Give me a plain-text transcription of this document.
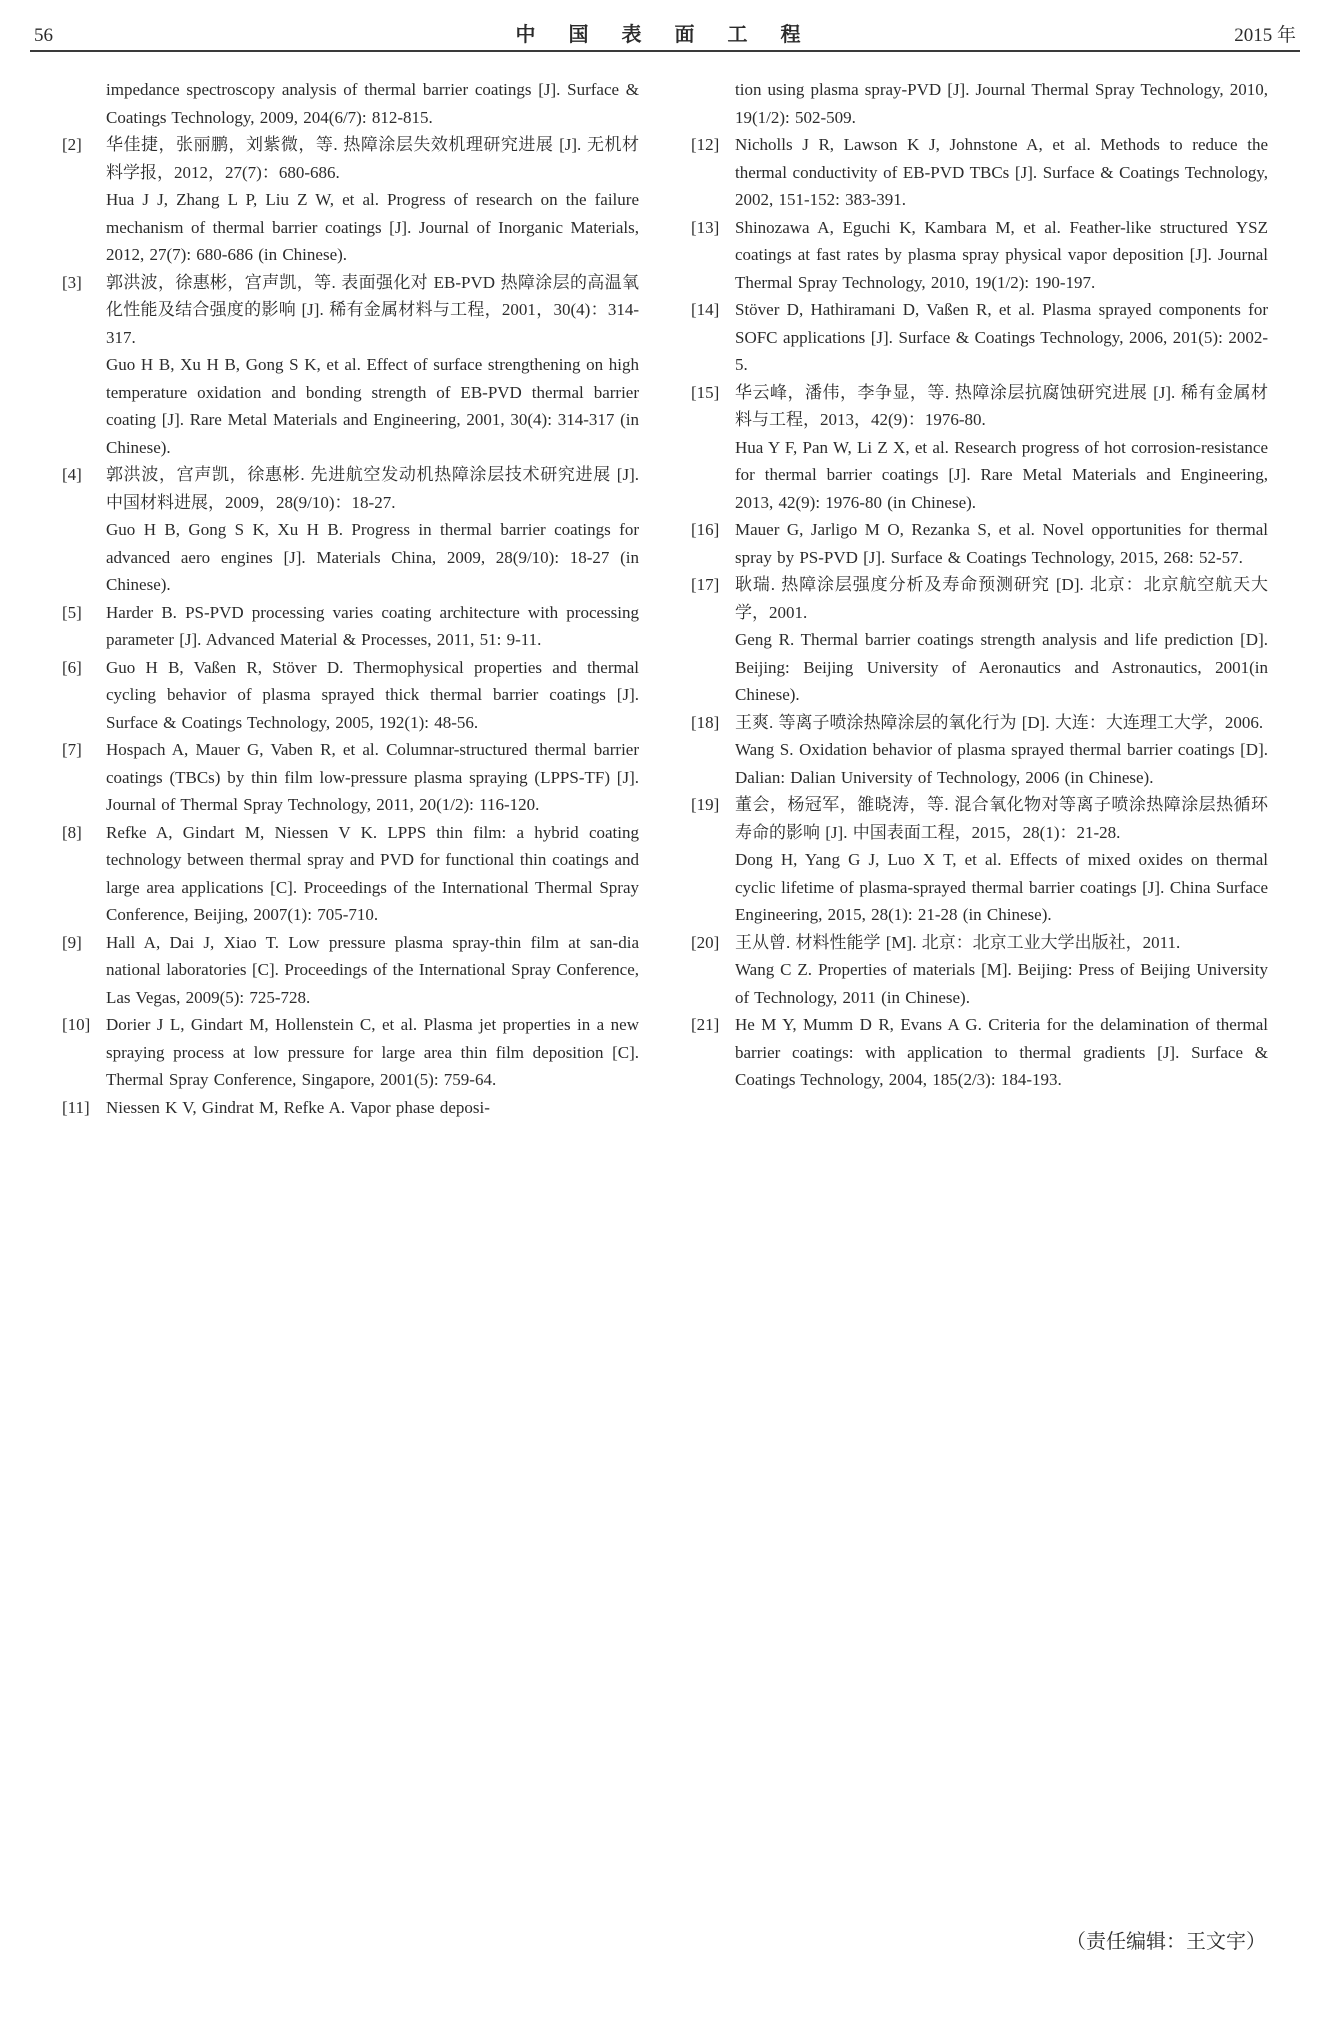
56	中 国 表 面 工 程	2015 年

impedance spectroscopy analysis of thermal barrier coatings [J]. Surface & Coatings Technology, 2009, 204(6/7): 812-815.

[2]	华佳捷，张丽鹏，刘紫微，等. 热障涂层失效机理研究进展 [J]. 无机材料学报，2012，27(7)：680-686.

Hua J J, Zhang L P, Liu Z W, et al. Progress of research on the failure mechanism of thermal barrier coatings [J]. Journal of Inorganic Materials, 2012, 27(7): 680-686 (in Chinese).

[3]	郭洪波，徐惠彬，宫声凯，等. 表面强化对 EB-PVD 热障涂层的高温氧化性能及结合强度的影响 [J]. 稀有金属材料与工程，2001，30(4)：314-317.

Guo H B, Xu H B, Gong S K, et al. Effect of surface strengthening on high temperature oxidation and bonding strength of EB-PVD thermal barrier coating [J]. Rare Metal Materials and Engineering, 2001, 30(4): 314-317 (in Chinese).

[4]	郭洪波，宫声凯，徐惠彬. 先进航空发动机热障涂层技术研究进展 [J]. 中国材料进展，2009，28(9/10)：18-27.

Guo H B, Gong S K, Xu H B. Progress in thermal barrier coatings for advanced aero engines [J]. Materials China, 2009, 28(9/10): 18-27 (in Chinese).

[5]	Harder B. PS-PVD processing varies coating architecture with processing parameter [J]. Advanced Material & Processes, 2011, 51: 9-11.

[6]	Guo H B, Vaßen R, Stöver D. Thermophysical properties and thermal cycling behavior of plasma sprayed thick thermal barrier coatings [J]. Surface & Coatings Technology, 2005, 192(1): 48-56.

[7]	Hospach A, Mauer G, Vaben R, et al. Columnar-structured thermal barrier coatings (TBCs) by thin film low-pressure plasma spraying (LPPS-TF) [J]. Journal of Thermal Spray Technology, 2011, 20(1/2): 116-120.

[8]	Refke A, Gindart M, Niessen V K. LPPS thin film: a hybrid coating technology between thermal spray and PVD for functional thin coatings and large area applications [C]. Proceedings of the International Thermal Spray Conference, Beijing, 2007(1): 705-710.

[9]	Hall A, Dai J, Xiao T. Low pressure plasma spray-thin film at san-dia national laboratories [C]. Proceedings of the International Spray Conference, Las Vegas, 2009(5): 725-728.

[10] Dorier J L, Gindart M, Hollenstein C, et al. Plasma jet properties in a new spraying process at low pressure for large area thin film deposition [C]. Thermal Spray Conference, Singapore, 2001(5): 759-64.

[11] Niessen K V, Gindrat M, Refke A. Vapor phase deposi-

tion using plasma spray-PVD [J]. Journal Thermal Spray Technology, 2010, 19(1/2): 502-509.

[12] Nicholls J R, Lawson K J, Johnstone A, et al. Methods to reduce the thermal conductivity of EB-PVD TBCs [J]. Surface & Coatings Technology, 2002, 151-152: 383-391.

[13] Shinozawa A, Eguchi K, Kambara M, et al. Feather-like structured YSZ coatings at fast rates by plasma spray physical vapor deposition [J]. Journal Thermal Spray Technology, 2010, 19(1/2): 190-197.

[14] Stöver D, Hathiramani D, Vaßen R, et al. Plasma sprayed components for SOFC applications [J]. Surface & Coatings Technology, 2006, 201(5): 2002-5.

[15] 华云峰，潘伟，李争显，等. 热障涂层抗腐蚀研究进展 [J]. 稀有金属材料与工程，2013，42(9)：1976-80.

Hua Y F, Pan W, Li Z X, et al. Research progress of hot corrosion-resistance for thermal barrier coatings [J]. Rare Metal Materials and Engineering, 2013, 42(9): 1976-80 (in Chinese).

[16] Mauer G, Jarligo M O, Rezanka S, et al. Novel opportunities for thermal spray by PS-PVD [J]. Surface & Coatings Technology, 2015, 268: 52-57.

[17] 耿瑞. 热障涂层强度分析及寿命预测研究 [D]. 北京：北京航空航天大学，2001.

Geng R. Thermal barrier coatings strength analysis and life prediction [D]. Beijing: Beijing University of Aeronautics and Astronautics, 2001(in Chinese).

[18] 王爽. 等离子喷涂热障涂层的氧化行为 [D]. 大连：大连理工大学，2006.

Wang S. Oxidation behavior of plasma sprayed thermal barrier coatings [D]. Dalian: Dalian University of Technology, 2006 (in Chinese).

[19] 董会，杨冠军，雒晓涛，等. 混合氧化物对等离子喷涂热障涂层热循环寿命的影响 [J]. 中国表面工程，2015，28(1)：21-28.

Dong H, Yang G J, Luo X T, et al. Effects of mixed oxides on thermal cyclic lifetime of plasma-sprayed thermal barrier coatings [J]. China Surface Engineering, 2015, 28(1): 21-28 (in Chinese).

[20] 王从曾. 材料性能学 [M]. 北京：北京工业大学出版社，2011.

Wang C Z. Properties of materials [M]. Beijing: Press of Beijing University of Technology, 2011 (in Chinese).

[21] He M Y, Mumm D R, Evans A G. Criteria for the delamination of thermal barrier coatings: with application to thermal gradients [J]. Surface & Coatings Technology, 2004, 185(2/3): 184-193.

（责任编辑：王文宇）
